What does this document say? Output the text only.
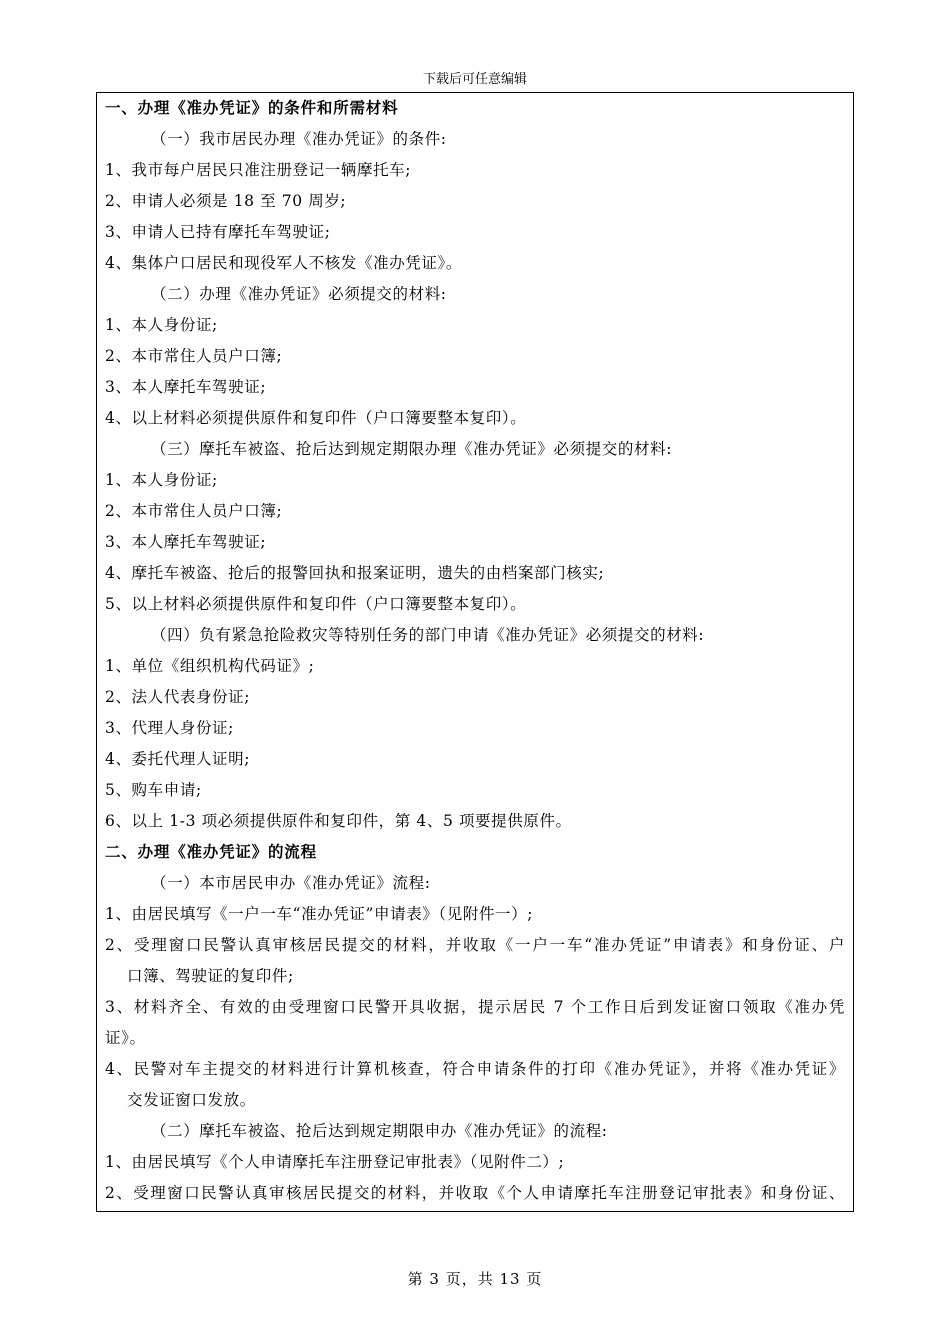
下载后可任意编辑
一、办理《准办凭证》的条件和所需材料
（一）我市居民办理《准办凭证》的条件:
1、我市每户居民只准注册登记一辆摩托车;
2、申请人必须是 18 至 70 周岁;
3、申请人已持有摩托车驾驶证;
4、集体户口居民和现役军人不核发《准办凭证》。
（二）办理《准办凭证》必须提交的材料:
1、本人身份证;
2、本市常住人员户口簿;
3、本人摩托车驾驶证;
4、以上材料必须提供原件和复印件（户口簿要整本复印）。
（三）摩托车被盗、抢后达到规定期限办理《准办凭证》必须提交的材料:
1、本人身份证;
2、本市常住人员户口簿;
3、本人摩托车驾驶证;
4、摩托车被盗、抢后的报警回执和报案证明，遗失的由档案部门核实;
5、以上材料必须提供原件和复印件（户口簿要整本复印）。
（四）负有紧急抢险救灾等特别任务的部门申请《准办凭证》必须提交的材料:
1、单位《组织机构代码证》;
2、法人代表身份证;
3、代理人身份证;
4、委托代理人证明;
5、购车申请;
6、以上 1-3 项必须提供原件和复印件，第 4、5 项要提供原件。
二、办理《准办凭证》的流程
（一）本市居民申办《准办凭证》流程:
1、由居民填写《一户一车“准办凭证”申请表》（见附件一）;
2、受理窗口民警认真审核居民提交的材料，并收取《一户一车“准办凭证”申请表》和身份证、户
口簿、驾驶证的复印件;
3、材料齐全、有效的由受理窗口民警开具收据，提示居民 7 个工作日后到发证窗口领取《准办凭
证》。
4、民警对车主提交的材料进行计算机核查，符合申请条件的打印《准办凭证》，并将《准办凭证》
交发证窗口发放。
（二）摩托车被盗、抢后达到规定期限申办《准办凭证》的流程:
1、由居民填写《个人申请摩托车注册登记审批表》（见附件二）;
2、受理窗口民警认真审核居民提交的材料，并收取《个人申请摩托车注册登记审批表》和身份证、
第 3 页，共 13 页
